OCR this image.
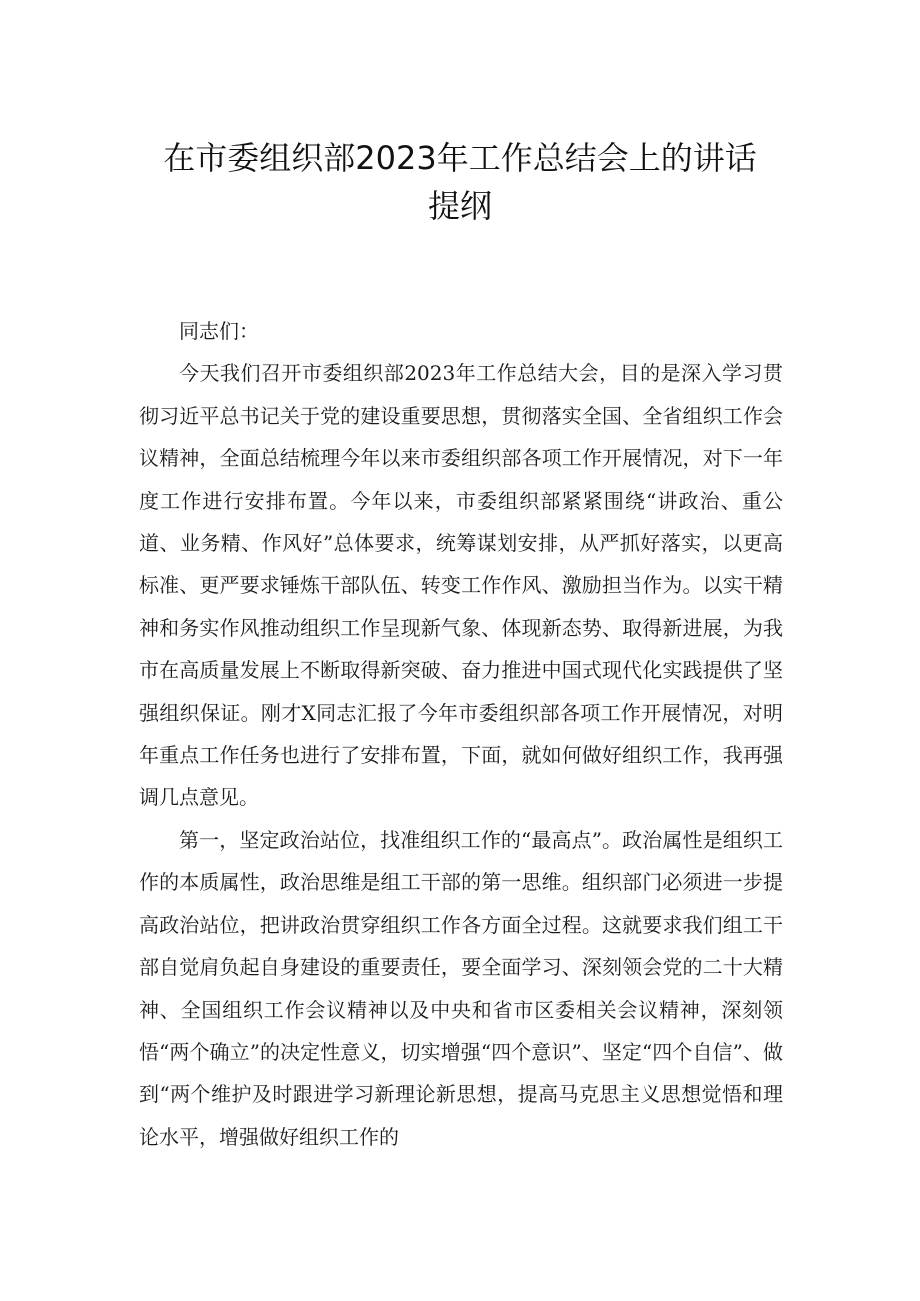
在市委组织部2023年工作总结会上的讲话
提纲

同志们：

今天我们召开市委组织部2023年工作总结大会，目的是深入学习贯彻习近平总书记关于党的建设重要思想，贯彻落实全国、全省组织工作会议精神，全面总结梳理今年以来市委组织部各项工作开展情况，对下一年度工作进行安排布置。今年以来，市委组织部紧紧围绕“讲政治、重公道、业务精、作风好”总体要求，统筹谋划安排，从严抓好落实，以更高标准、更严要求锤炼干部队伍、转变工作作风、激励担当作为。以实干精神和务实作风推动组织工作呈现新气象、体现新态势、取得新进展，为我市在高质量发展上不断取得新突破、奋力推进中国式现代化实践提供了坚强组织保证。刚才X同志汇报了今年市委组织部各项工作开展情况，对明年重点工作任务也进行了安排布置，下面，就如何做好组织工作，我再强调几点意见。

第一，坚定政治站位，找准组织工作的“最高点”。政治属性是组织工作的本质属性，政治思维是组工干部的第一思维。组织部门必须进一步提高政治站位，把讲政治贯穿组织工作各方面全过程。这就要求我们组工干部自觉肩负起自身建设的重要责任，要全面学习、深刻领会党的二十大精神、全国组织工作会议精神以及中央和省市区委相关会议精神，深刻领悟“两个确立”的决定性意义，切实增强“四个意识”、坚定“四个自信”、做到“两个维护及时跟进学习新理论新思想，提高马克思主义思想觉悟和理论水平，增强做好组织工作的
